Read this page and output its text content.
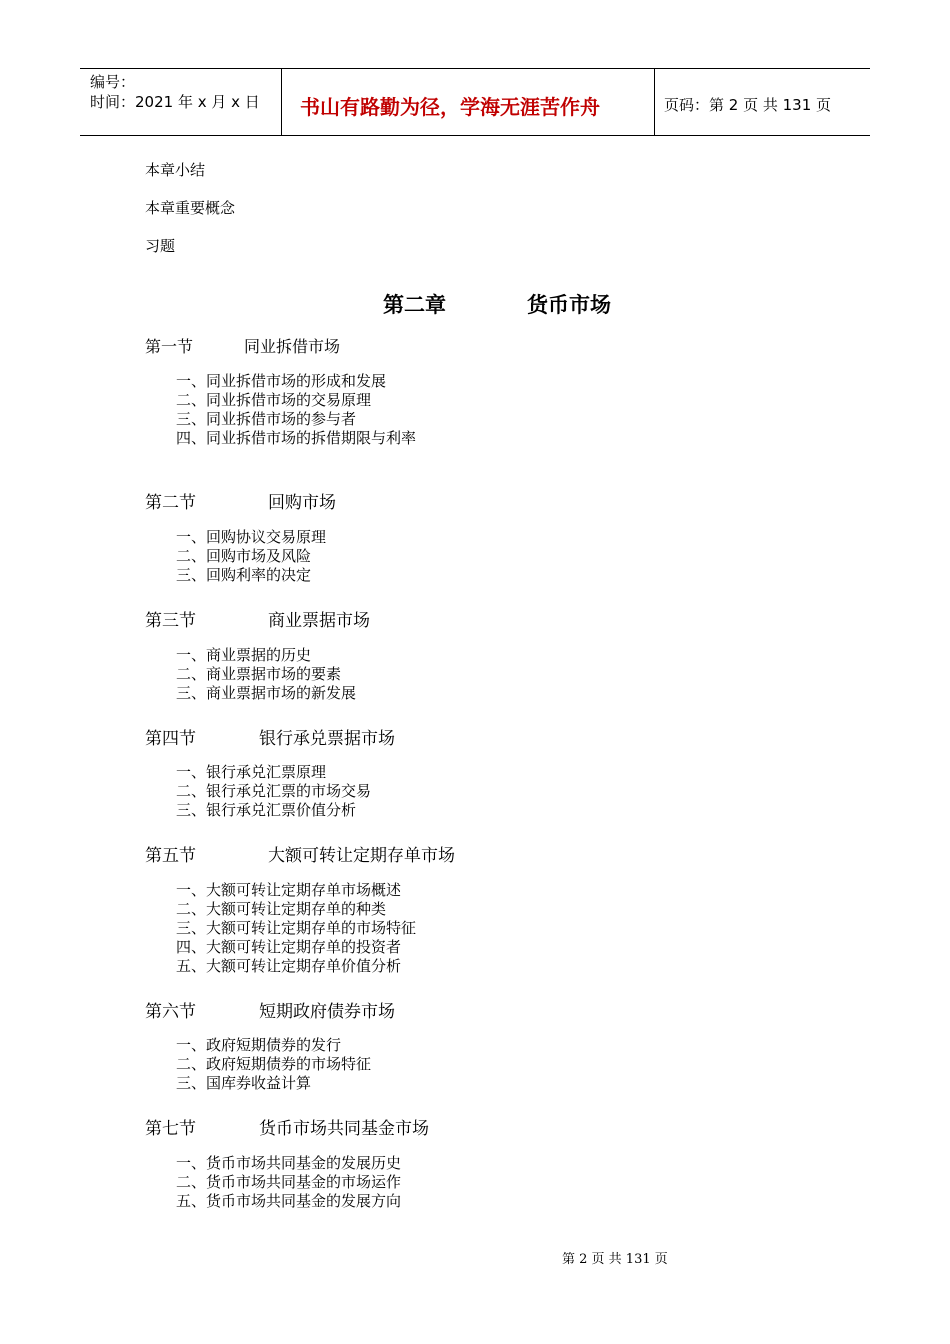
编号：
时间：2021 年 x 月 x 日 书山有路勤为径，学海无涯苦作舟	页码：第 2 页 共 131 页
本章小结
本章重要概念
习题
第二章	货币市场
第一节	同业拆借市场
一、同业拆借市场的形成和发展
二、同业拆借市场的交易原理
三、同业拆借市场的参与者
四、同业拆借市场的拆借期限与利率
第二节	回购市场
一、回购协议交易原理
二、回购市场及风险
三、回购利率的决定
第三节	商业票据市场
一、商业票据的历史
二、商业票据市场的要素
三、商业票据市场的新发展
第四节	银行承兑票据市场
一、银行承兑汇票原理
二、银行承兑汇票的市场交易
三、银行承兑汇票价值分析
第五节	大额可转让定期存单市场
一、大额可转让定期存单市场概述
二、大额可转让定期存单的种类
三、大额可转让定期存单的市场特征
四、大额可转让定期存单的投资者
五、大额可转让定期存单价值分析
第六节	短期政府债券市场
一、政府短期债券的发行
二、政府短期债券的市场特征
三、国库券收益计算
第七节	货币市场共同基金市场
一、货币市场共同基金的发展历史
二、货币市场共同基金的市场运作
五、货币市场共同基金的发展方向
第 2 页 共 131 页
